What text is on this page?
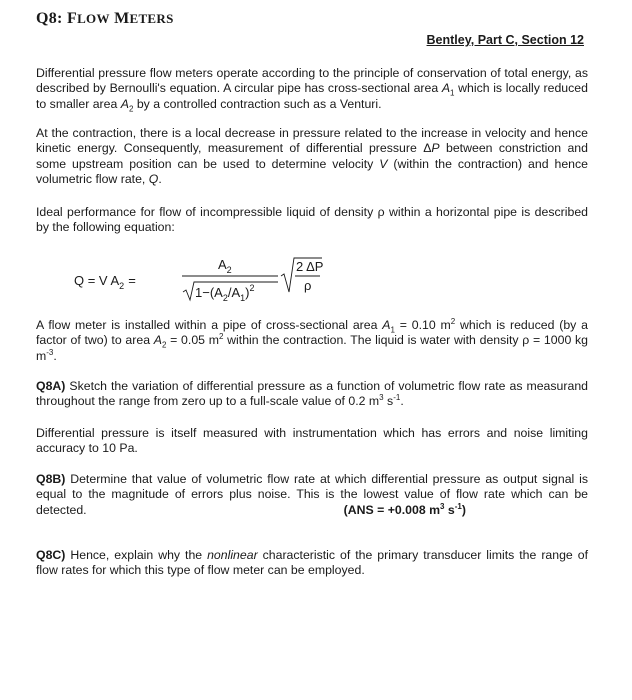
Q8: FLOW METERS
Bentley, Part C, Section 12

Differential pressure flow meters operate according to the principle of conservation of total energy, as described by Bernoulli's equation. A circular pipe has cross-sectional area $A_1$ which is locally reduced to smaller area $A_2$ by a controlled contraction such as a Venturi.

At the contraction, there is a local decrease in pressure related to the increase in velocity and hence kinetic energy. Consequently, measurement of differential pressure ΔP between constriction and some upstream position can be used to determine velocity V (within the contraction) and hence volumetric flow rate, Q.

Ideal performance for flow of incompressible liquid of density ρ within a horizontal pipe is described by the following equation:

Q = V $A_2$ =
$A_2$
$1-(A_2/A_1)^2$
2 ΔP
ρ

A flow meter is installed within a pipe of cross-sectional area $A_1 = 0.10$ $m^2$ which is reduced (by a factor of two) to area $A_2 = 0.05$ $m^2$ within the contraction. The liquid is water with density ρ = 1000 kg $m^{-3}$.

Q8A) Sketch the variation of differential pressure as a function of volumetric flow rate as measurand throughout the range from zero up to a full-scale value of 0.2 $m^3$ $s^{-1}$.

Differential pressure is itself measured with instrumentation which has errors and noise limiting accuracy to 10 Pa.

Q8B) Determine that value of volumetric flow rate at which differential pressure as output signal is equal to the magnitude of errors plus noise. This is the lowest value of flow rate which can be detected.	(ANS = +0.008 $m^3$ $s^{-1}$)

Q8C) Hence, explain why the nonlinear characteristic of the primary transducer limits the range of flow rates for which this type of flow meter can be employed.
